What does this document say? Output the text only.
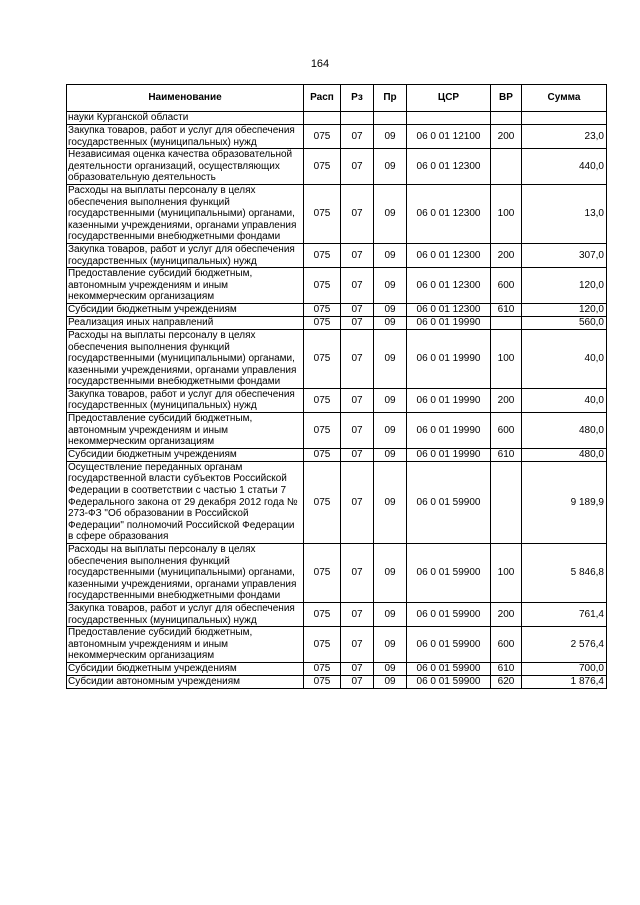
164
Наименование	Расп	Рз	Пр	ЦСР	ВР	Сумма
науки Курганской области						
Закупка товаров, работ и услуг для обеспечения государственных (муниципальных) нужд	075	07	09	06 0 01 12100	200	23,0
Независимая оценка качества образовательной деятельности организаций, осуществляющих образовательную деятельность	075	07	09	06 0 01 12300		440,0
Расходы на выплаты персоналу в целях обеспечения выполнения функций государственными (муниципальными) органами, казенными учреждениями, органами управления государственными внебюджетными фондами	075	07	09	06 0 01 12300	100	13,0
Закупка товаров, работ и услуг для обеспечения государственных (муниципальных) нужд	075	07	09	06 0 01 12300	200	307,0
Предоставление субсидий бюджетным, автономным учреждениям и иным некоммерческим организациям	075	07	09	06 0 01 12300	600	120,0
Субсидии бюджетным учреждениям	075	07	09	06 0 01 12300	610	120,0
Реализация иных направлений	075	07	09	06 0 01 19990		560,0
Расходы на выплаты персоналу в целях обеспечения выполнения функций государственными (муниципальными) органами, казенными учреждениями, органами управления государственными внебюджетными фондами	075	07	09	06 0 01 19990	100	40,0
Закупка товаров, работ и услуг для обеспечения государственных (муниципальных) нужд	075	07	09	06 0 01 19990	200	40,0
Предоставление субсидий бюджетным, автономным учреждениям и иным некоммерческим организациям	075	07	09	06 0 01 19990	600	480,0
Субсидии бюджетным учреждениям	075	07	09	06 0 01 19990	610	480,0
Осуществление переданных органам государственной власти субъектов Российской Федерации в соответствии с частью 1 статьи 7 Федерального закона от 29 декабря 2012 года № 273-ФЗ "Об образовании в Российской Федерации" полномочий Российской Федерации в сфере образования	075	07	09	06 0 01 59900		9 189,9
Расходы на выплаты персоналу в целях обеспечения выполнения функций государственными (муниципальными) органами, казенными учреждениями, органами управления государственными внебюджетными фондами	075	07	09	06 0 01 59900	100	5 846,8
Закупка товаров, работ и услуг для обеспечения государственных (муниципальных) нужд	075	07	09	06 0 01 59900	200	761,4
Предоставление субсидий бюджетным, автономным учреждениям и иным некоммерческим организациям	075	07	09	06 0 01 59900	600	2 576,4
Субсидии бюджетным учреждениям	075	07	09	06 0 01 59900	610	700,0
Субсидии автономным учреждениям	075	07	09	06 0 01 59900	620	1 876,4
